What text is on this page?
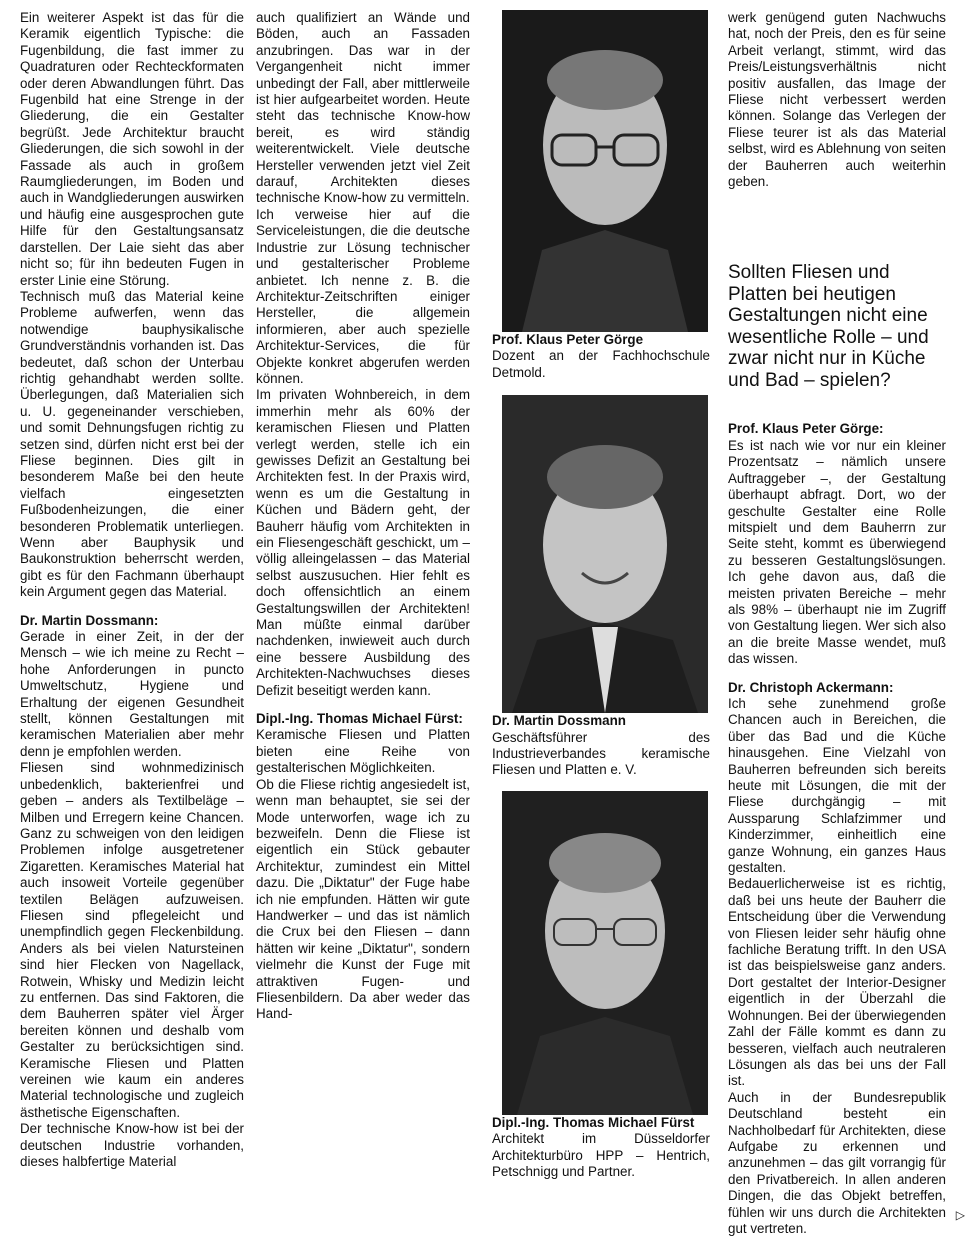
Ein weiterer Aspekt ist das für die Keramik eigentlich Typische: die Fugenbildung, die fast immer zu Quadraturen oder Rechteckformaten oder deren Abwandlungen führt. Das Fugenbild hat eine Strenge in der Gliederung, die ein Gestalter begrüßt. Jede Architektur braucht Gliederungen, die sich sowohl in der Fassade als auch in großem Raumgliederungen, im Boden und auch in Wandgliederungen auswirken und häufig eine ausgesprochen gute Hilfe für den Gestaltungsansatz darstellen. Der Laie sieht das aber nicht so; für ihn bedeuten Fugen in erster Linie eine Störung.

Technisch muß das Material keine Probleme aufwerfen, wenn das notwendige bauphysikalische Grundverständnis vorhanden ist. Das bedeutet, daß schon der Unterbau richtig gehandhabt werden sollte. Überlegungen, daß Materialien sich u. U. gegeneinander verschieben, und somit Dehnungsfugen richtig zu setzen sind, dürfen nicht erst bei der Fliese beginnen. Dies gilt in besonderem Maße bei den heute vielfach eingesetzten Fußbodenheizungen, die einer besonderen Problematik unterliegen. Wenn aber Bauphysik und Baukonstruktion beherrscht werden, gibt es für den Fachmann überhaupt kein Argument gegen das Material.

Dr. Martin Dossmann:

Gerade in einer Zeit, in der der Mensch – wie ich meine zu Recht – hohe Anforderungen in puncto Umweltschutz, Hygiene und Erhaltung der eigenen Gesundheit stellt, können Gestaltungen mit keramischen Materialien aber mehr denn je empfohlen werden.

Fliesen sind wohnmedizinisch unbedenklich, bakterienfrei und geben – anders als Textilbeläge – Milben und Erregern keine Chancen. Ganz zu schweigen von den leidigen Problemen infolge ausgetretener Zigaretten. Keramisches Material hat auch insoweit Vorteile gegenüber textilen Belägen aufzuweisen. Fliesen sind pflegeleicht und unempfindlich gegen Fleckenbildung. Anders als bei vielen Natursteinen sind hier Flecken von Nagellack, Rotwein, Whisky und Medizin leicht zu entfernen. Das sind Faktoren, die dem Bauherren später viel Ärger bereiten können und deshalb vom Gestalter zu berücksichtigen sind. Keramische Fliesen und Platten vereinen wie kaum ein anderes Material technologische und zugleich ästhetische Eigenschaften.

Der technische Know-how ist bei der deutschen Industrie vorhanden, dieses halbfertige Material

auch qualifiziert an Wände und Böden, auch an Fassaden anzubringen. Das war in der Vergangenheit nicht immer unbedingt der Fall, aber mittlerweile ist hier aufgearbeitet worden. Heute steht das technische Know-how bereit, es wird ständig weiterentwickelt. Viele deutsche Hersteller verwenden jetzt viel Zeit darauf, Architekten dieses technische Know-how zu vermitteln.

Ich verweise hier auf die Serviceleistungen, die die deutsche Industrie zur Lösung technischer und gestalterischer Probleme anbietet. Ich nenne z. B. die Architektur-Zeitschriften einiger Hersteller, die allgemein informieren, aber auch spezielle Architektur-Services, die für Objekte konkret abgerufen werden können.

Im privaten Wohnbereich, in dem immerhin mehr als 60% der keramischen Fliesen und Platten verlegt werden, stelle ich ein gewisses Defizit an Gestaltung bei Architekten fest. In der Praxis wird, wenn es um die Gestaltung in Küchen und Bädern geht, der Bauherr häufig vom Architekten in ein Fliesengeschäft geschickt, um – völlig alleingelassen – das Material selbst auszusuchen. Hier fehlt es doch offensichtlich an einem Gestaltungswillen der Architekten! Man müßte einmal darüber nachdenken, inwieweit auch durch eine bessere Ausbildung des Architekten-Nachwuchses dieses Defizit beseitigt werden kann.

Dipl.-Ing. Thomas Michael Fürst:

Keramische Fliesen und Platten bieten eine Reihe von gestalterischen Möglichkeiten.

Ob die Fliese richtig angesiedelt ist, wenn man behauptet, sie sei der Mode unterworfen, wage ich zu bezweifeln. Denn die Fliese ist eigentlich ein Stück gebauter Architektur, zumindest ein Mittel dazu. Die „Diktatur" der Fuge habe ich nie empfunden. Hätten wir gute Handwerker – und das ist nämlich die Crux bei den Fliesen – dann hätten wir keine „Diktatur", sondern vielmehr die Kunst der Fuge mit attraktiven Fugen- und Fliesenbildern. Da aber weder das Hand-

Prof. Klaus Peter Görge
Dozent an der Fachhochschule Detmold.

Dr. Martin Dossmann
Geschäftsführer des Industrieverbandes keramische Fliesen und Platten e. V.

Dipl.-Ing. Thomas Michael Fürst
Architekt im Düsseldorfer Architekturbüro HPP – Hentrich, Petschnigg und Partner.

werk genügend guten Nachwuchs hat, noch der Preis, den es für seine Arbeit verlangt, stimmt, wird das Preis/Leistungsverhältnis nicht positiv ausfallen, das Image der Fliese nicht verbessert werden können. Solange das Verlegen der Fliese teurer ist als das Material selbst, wird es Ablehnung von seiten der Bauherren auch weiterhin geben.

Sollten Fliesen und Platten bei heutigen Gestaltungen nicht eine wesentliche Rolle – und zwar nicht nur in Küche und Bad – spielen?

Prof. Klaus Peter Görge:

Es ist nach wie vor nur ein kleiner Prozentsatz – nämlich unsere Auftraggeber –, der Gestaltung überhaupt abfragt. Dort, wo der geschulte Gestalter eine Rolle mitspielt und dem Bauherrn zur Seite steht, kommt es überwiegend zu besseren Gestaltungslösungen. Ich gehe davon aus, daß die meisten privaten Bereiche – mehr als 98% – überhaupt nie im Zugriff von Gestaltung liegen. Wer sich also an die breite Masse wendet, muß das wissen.

Dr. Christoph Ackermann:

Ich sehe zunehmend große Chancen auch in Bereichen, die über das Bad und die Küche hinausgehen. Eine Vielzahl von Bauherren befreunden sich bereits heute mit Lösungen, die mit der Fliese durchgängig – mit Aussparung Schlafzimmer und Kinderzimmer, einheitlich eine ganze Wohnung, ein ganzes Haus gestalten.

Bedauerlicherweise ist es richtig, daß bei uns heute der Bauherr die Entscheidung über die Verwendung von Fliesen leider sehr häufig ohne fachliche Beratung trifft. In den USA ist das beispielsweise ganz anders. Dort gestaltet der Interior-Designer eigentlich in der Überzahl die Wohnungen. Bei der überwiegenden Zahl der Fälle kommt es dann zu besseren, vielfach auch neutraleren Lösungen als das bei uns der Fall ist.

Auch in der Bundesrepublik Deutschland besteht ein Nachholbedarf für Architekten, diese Aufgabe zu erkennen und anzunehmen – das gilt vorrangig für den Privatbereich. In allen anderen Dingen, die das Objekt betreffen, fühlen wir uns durch die Architekten gut vertreten.

▷
